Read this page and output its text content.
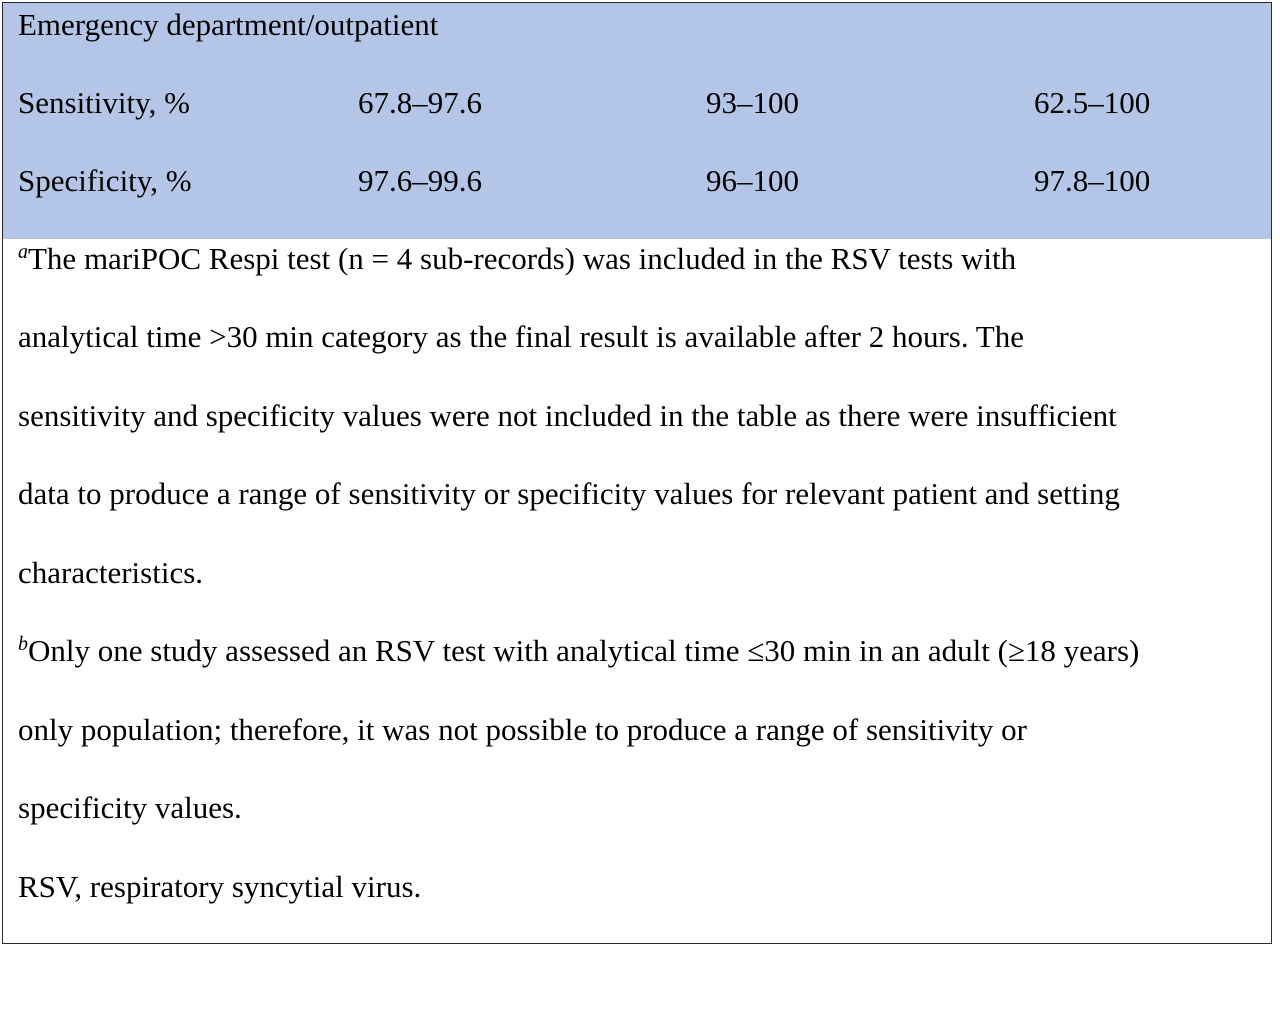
Emergency department/outpatient
Sensitivity, %	67.8–97.6	93–100	62.5–100
Specificity, %	97.6–99.6	96–100	97.8–100
$^a$The mariPOC Respi test (n = 4 sub-records) was included in the RSV tests with
analytical time >30 min category as the final result is available after 2 hours. The
sensitivity and specificity values were not included in the table as there were insufficient
data to produce a range of sensitivity or specificity values for relevant patient and setting
characteristics.
$^b$Only one study assessed an RSV test with analytical time ≤30 min in an adult (≥18 years)
only population; therefore, it was not possible to produce a range of sensitivity or
specificity values.
RSV, respiratory syncytial virus.
